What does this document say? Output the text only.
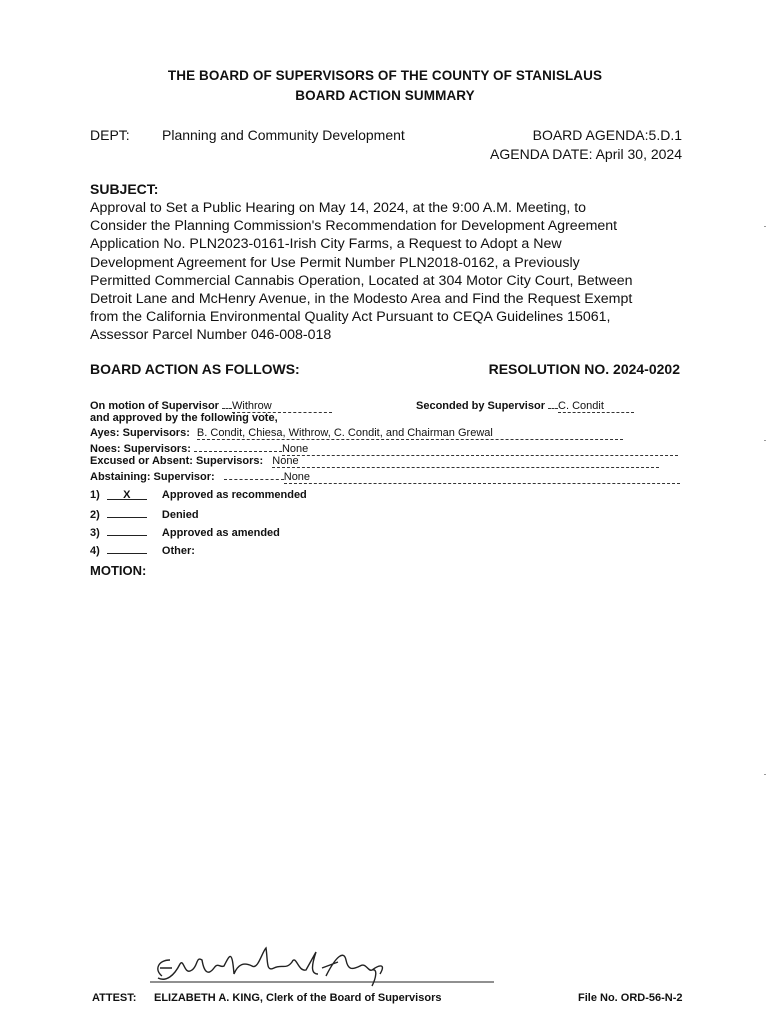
THE BOARD OF SUPERVISORS OF THE COUNTY OF STANISLAUS
BOARD ACTION SUMMARY
DEPT: Planning and Community Development	BOARD AGENDA:5.D.1
AGENDA DATE: April 30, 2024
SUBJECT:
Approval to Set a Public Hearing on May 14, 2024, at the 9:00 A.M. Meeting, to
Consider the Planning Commission's Recommendation for Development Agreement
Application No. PLN2023-0161-Irish City Farms, a Request to Adopt a New
Development Agreement for Use Permit Number PLN2018-0162, a Previously
Permitted Commercial Cannabis Operation, Located at 304 Motor City Court, Between
Detroit Lane and McHenry Avenue, in the Modesto Area and Find the Request Exempt
from the California Environmental Quality Act Pursuant to CEQA Guidelines 15061,
Assessor Parcel Number 046-008-018
BOARD ACTION AS FOLLOWS:	RESOLUTION NO. 2024-0202
On motion of Supervisor Withrow	Seconded by Supervisor C. Condit
and approved by the following vote,
Ayes: Supervisors: B. Condit, Chiesa, Withrow, C. Condit, and Chairman Grewal
Noes: Supervisors:	None
Excused or Absent: Supervisors: None
Abstaining: Supervisor:	None
1) X	Approved as recommended
2)	Denied
3)	Approved as amended
4)	Other:
MOTION:
ATTEST: ELIZABETH A. KING, Clerk of the Board of Supervisors	File No. ORD-56-N-2
